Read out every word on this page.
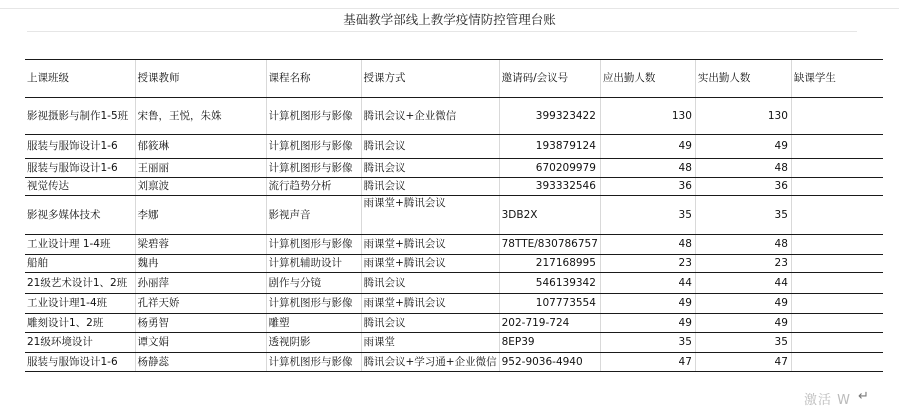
基础教学部线上教学疫情防控管理台账
上课班级	授课教师	课程名称	授课方式	邀请码/会议号	应出勤人数	实出勤人数	缺课学生
影视摄影与制作1-5班	宋鲁，王悦，朱姝	计算机图形与影像	腾讯会议+企业微信	399323422	130	130	
服装与服饰设计1-6	郁筱琳	计算机图形与影像	腾讯会议	193879124	49	49	
服装与服饰设计1-6	王丽丽	计算机图形与影像	腾讯会议	670209979	48	48	
视觉传达	刘禀波	流行趋势分析	腾讯会议	393332546	36	36	
影视多媒体技术	李娜	影视声音	雨课堂+腾讯会议	3DB2X	35	35	
工业设计理 1-4班	梁碧蓉	计算机图形与影像	雨课堂+腾讯会议	78TTE/830786757	48	48	
船舶	魏冉	计算机辅助设计	雨课堂+腾讯会议	217168995	23	23	
21级艺术设计1、2班	孙丽萍	剧作与分镜	腾讯会议	546139342	44	44	
工业设计理1-4班	孔祥天娇	计算机图形与影像	雨课堂+腾讯会议	107773554	49	49	
雕刻设计1、2班	杨勇智	雕塑	腾讯会议	202-719-724	49	49	
21级环境设计	谭文娟	透视阴影	雨课堂	8EP39	35	35	
服装与服饰设计1-6	杨静蕊	计算机图形与影像	腾讯会议+学习通+企业微信	952-9036-4940	47	47	
激活 W ↵
